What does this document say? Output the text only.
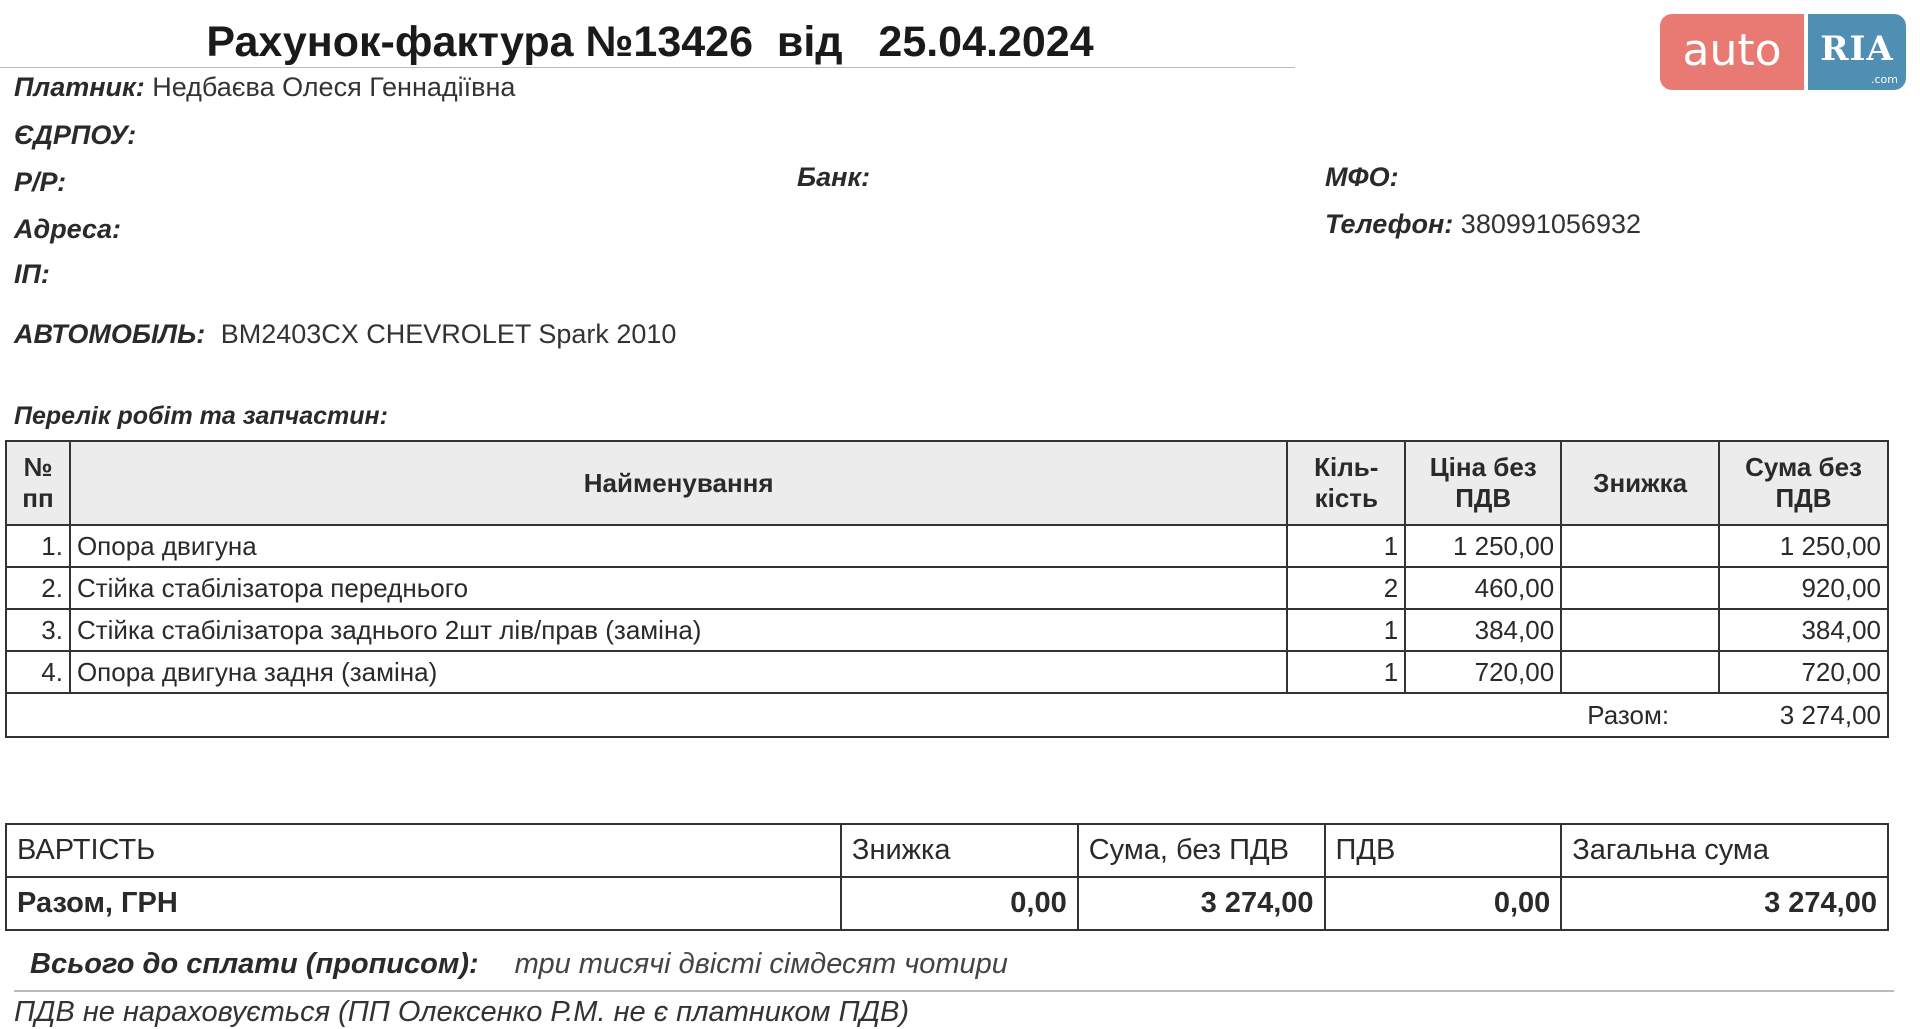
Рахунок-фактура №13426  від   25.04.2024	auto	RIA
.com
Платник: Недбаєва Олеся Геннадіївна
ЄДРПОУ:
Р/Р:	Банк:	МФО:
Адреса:	Телефон: 380991056932
ІП:
АВТОМОБІЛЬ: BM2403CX CHEVROLET Spark 2010
Перелік робіт та запчастин:
№ пп	Найменування	Кіль-кість	Ціна без ПДВ	Знижка	Сума без ПДВ
1.	Опора двигуна	1	1 250,00		1 250,00
2.	Стійка стабілізатора переднього	2	460,00		920,00
3.	Стійка стабілізатора заднього 2шт лів/прав (заміна)	1	384,00		384,00
4.	Опора двигуна задня (заміна)	1	720,00		720,00
Разом:					3 274,00
ВАРТІСТЬ	Знижка	Сума, без ПДВ	ПДВ	Загальна сума
Разом, ГРН	0,00	3 274,00	0,00	3 274,00
Всього до сплати (прописом): три тисячі двісті сімдесят чотири
ПДВ не нараховується (ПП Олексенко Р.М. не є платником ПДВ)
